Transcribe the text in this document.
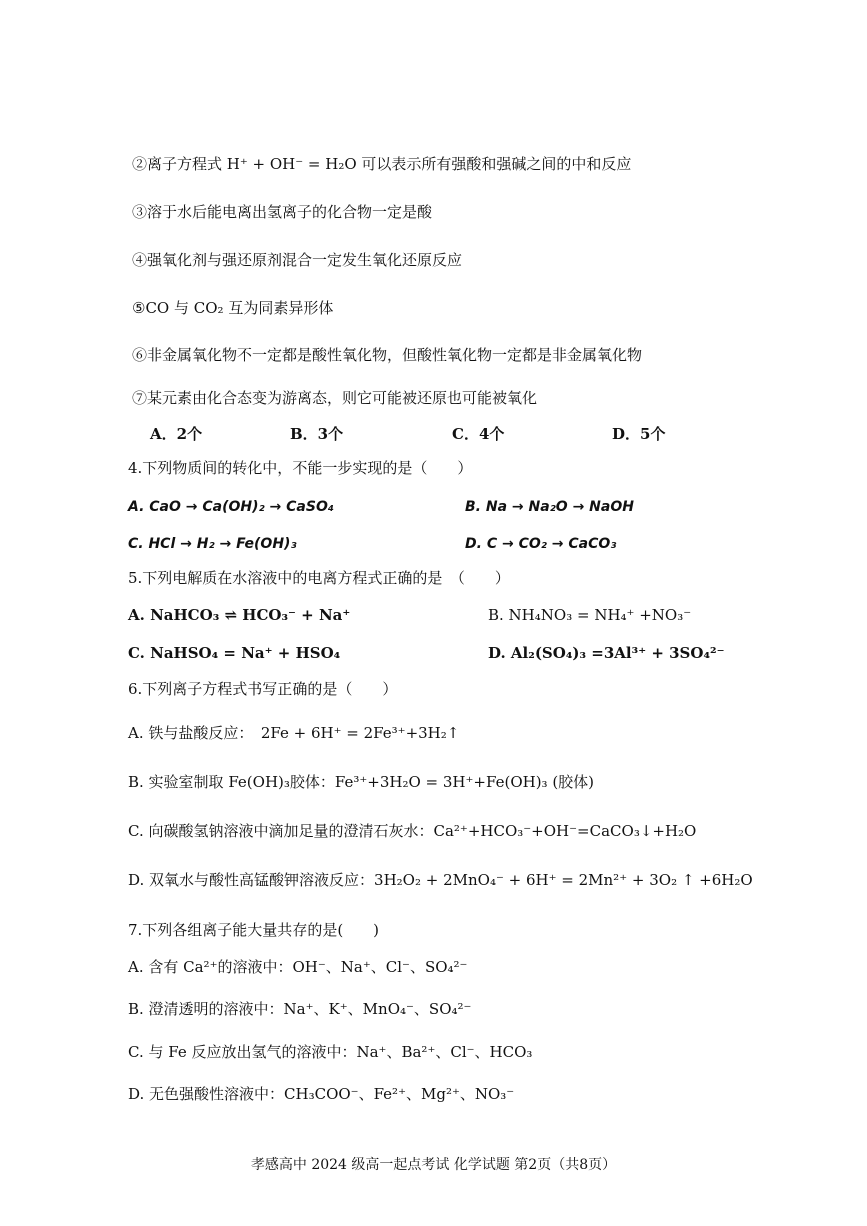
②离子方程式 H⁺ + OH⁻ = H₂O 可以表示所有强酸和强碱之间的中和反应
③溶于水后能电离出氢离子的化合物一定是酸
④强氧化剂与强还原剂混合一定发生氧化还原反应
⑤CO 与 CO₂ 互为同素异形体
⑥非金属氧化物不一定都是酸性氧化物，但酸性氧化物一定都是非金属氧化物
⑦某元素由化合态变为游离态，则它可能被还原也可能被氧化
A．2个	B．3个	C．4个	D．5个
4.下列物质间的转化中，不能一步实现的是（　　）
A. CaO → Ca(OH)₂ → CaSO₄	B. Na → Na₂O → NaOH
C. HCl → H₂ → Fe(OH)₃	D. C → CO₂ → CaCO₃
5.下列电解质在水溶液中的电离方程式正确的是　（　　）
A. NaHCO₃ ⇌ HCO₃⁻ + Na⁺	B. NH₄NO₃ = NH₄⁺ +NO₃⁻
C. NaHSO₄ = Na⁺ + HSO₄	D. Al₂(SO₄)₃ =3Al³⁺ + 3SO₄²⁻
6.下列离子方程式书写正确的是（　　）
A. 铁与盐酸反应：　2Fe + 6H⁺ = 2Fe³⁺+3H₂↑
B. 实验室制取 Fe(OH)₃胶体：Fe³⁺+3H₂O = 3H⁺+Fe(OH)₃ (胶体)
C. 向碳酸氢钠溶液中滴加足量的澄清石灰水：Ca²⁺+HCO₃⁻+OH⁻=CaCO₃↓+H₂O
D. 双氧水与酸性高锰酸钾溶液反应：3H₂O₂ + 2MnO₄⁻ + 6H⁺ = 2Mn²⁺ + 3O₂ ↑ +6H₂O
7.下列各组离子能大量共存的是(　　)
A. 含有 Ca²⁺的溶液中：OH⁻、Na⁺、Cl⁻、SO₄²⁻
B. 澄清透明的溶液中：Na⁺、K⁺、MnO₄⁻、SO₄²⁻
C. 与 Fe 反应放出氢气的溶液中：Na⁺、Ba²⁺、Cl⁻、HCO₃
D. 无色强酸性溶液中：CH₃COO⁻、Fe²⁺、Mg²⁺、NO₃⁻
孝感高中 2024 级高一起点考试 化学试题 第2页（共8页）
